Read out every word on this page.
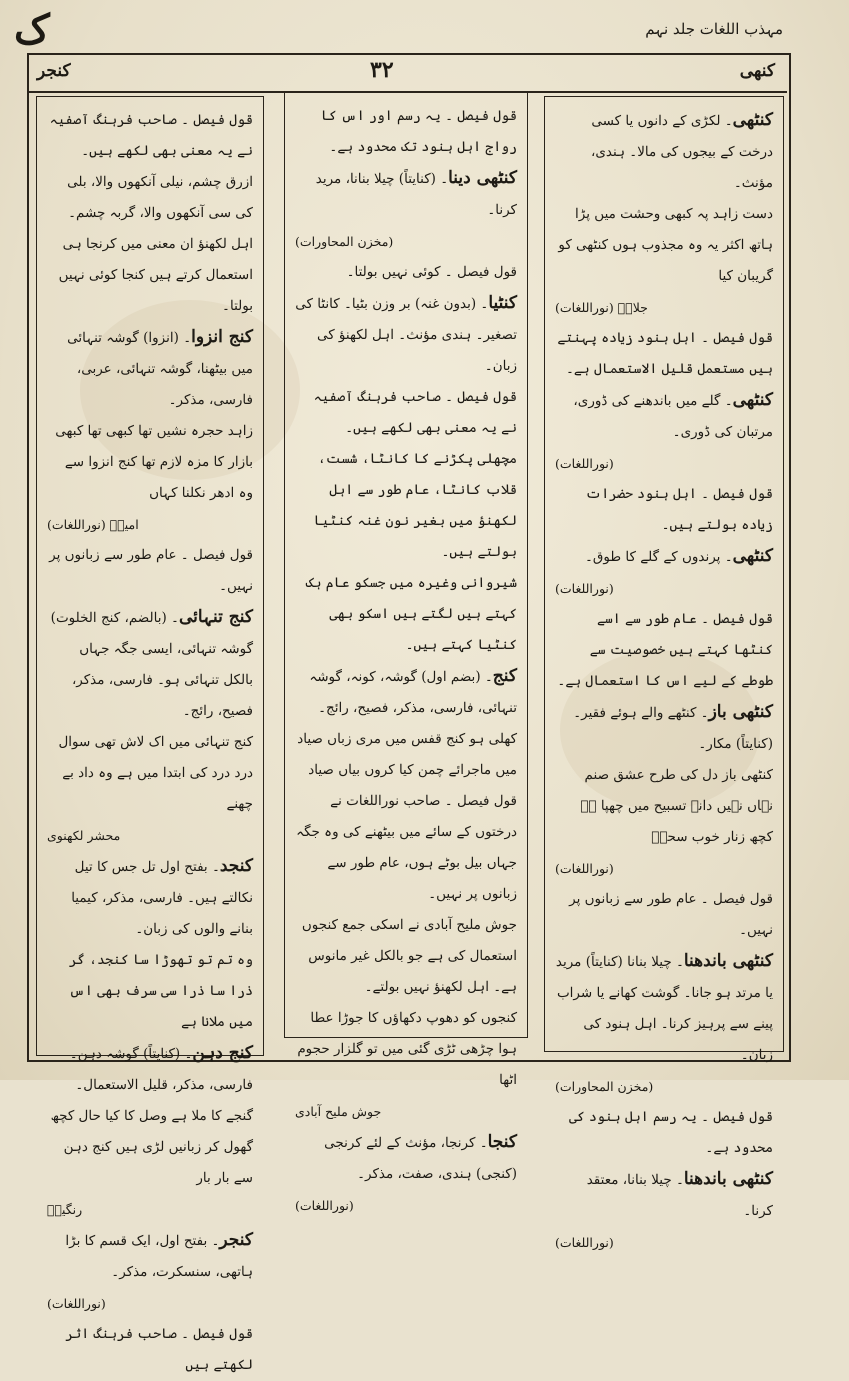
ک	مہذب اللغات جلد نہم
کنجر	۳۲	کنھی

کنٹھی۔ لکڑی کے دانوں یا کسی درخت کے بیجوں کی مالا۔ ہندی، مؤنث۔

دست زاہد پہ کبھی وحشت میں پڑا ہاتھ اکثر یہ وہ مجذوب ہوں کنٹھی کو گریبان کیا
جلالؔ (نوراللغات)

قول فیصل ۔ اہل ہنود زیادہ پہنتے ہیں مستعمل قلیل الاستعمال ہے۔

کنٹھی۔ گلے میں باندھنے کی ڈوری، مرتبان کی ڈوری۔
(نوراللغات)

قول فیصل ۔ اہل ہنود حضرات زیادہ بولتے ہیں۔

کنٹھی۔ پرندوں کے گلے کا طوق۔
(نوراللغات)

قول فیصل ۔ عام طور سے اسے کنٹھا کہتے ہیں خصوصیت سے طوطے کے لیے اس کا استعمال ہے۔

کنٹھی باز۔ کنٹھے والے ہوئے فقیر۔ (کنایتاً) مکار۔

کنٹھی باز دل کی طرح عشق صنم نہاں نہیں دانہ تسبیح میں چھپا ہے کچھ زنار خوب سحرؔ
(نوراللغات)

قول فیصل ۔ عام طور سے زبانوں پر نہیں۔

کنٹھی باندھنا۔ چیلا بنانا (کنایتاً) مرید یا مرتد ہو جانا۔ گوشت کھانے یا شراب پینے سے پرہیز کرنا۔ اہل ہنود کی زبان۔
(مخزن المحاورات)

قول فیصل ۔ یہ رسم اہل ہنود کی محدود ہے۔

کنٹھی باندھنا۔ چیلا بنانا، معتقد کرنا۔
(نوراللغات)

قول فیصل ۔ یہ رسم اور اس کا رواج اہل ہنود تک محدود ہے۔

کنٹھی دینا۔ (کنایتاً) چیلا بنانا، مرید کرنا۔
(مخزن المحاورات)

قول فیصل ۔ کوئی نہیں بولتا۔

کنٹیا۔ (بدون غنہ) بر وزن بٹیا۔ کانٹا کی تصغیر۔ ہندی مؤنث۔ اہل لکھنؤ کی زبان۔

قول فیصل ۔ صاحب فرہنگ آصفیہ نے یہ معنی بھی لکھے ہیں۔

مچھلی پکڑنے کا کانٹا، شست، قلاب کانٹا، عام طور سے اہل لکھنؤ میں بغیر نون غنہ کنٹیا بولتے ہیں۔

شیروانی وغیرہ میں جسکو عام ہک کہتے ہیں لگتے ہیں اسکو بھی کنٹیا کہتے ہیں۔

کنج۔ (بضم اول) گوشہ، کونہ، گوشہ تنہائی، فارسی، مذکر، فصیح، رائج۔

کھلی ہو کنج قفس میں مری زباں صیاد میں ماجرائے چمن کیا کروں بیاں صیاد

قول فیصل ۔ صاحب نوراللغات نے درختوں کے سائے میں بیٹھنے کی وہ جگہ جہاں بیل بوٹے ہوں، عام طور سے زبانوں پر نہیں۔

جوش ملیح آبادی نے اسکی جمع کنجوں استعمال کی ہے جو بالکل غیر مانوس ہے۔ اہل لکھنؤ نہیں بولتے۔

کنجوں کو دھوپ دکھاؤں کا جوڑا عطا ہوا چڑھی ٹڑی گئی میں تو گلزار حجوم اٹھا
جوش ملیح آبادی

کنجا۔ کرنجا، مؤنث کے لئے کرنجی (کنجی) ہندی، صفت، مذکر۔
(نوراللغات)

قول فیصل ۔ صاحب فرہنگ آصفیہ نے یہ معنی بھی لکھے ہیں۔

ازرق چشم، نیلی آنکھوں والا، بلی کی سی آنکھوں والا، گربہ چشم۔

اہل لکھنؤ ان معنی میں کرنجا ہی استعمال کرتے ہیں کنجا کوئی نہیں بولتا۔

کنج انزوا۔ (انزوا) گوشہ تنہائی میں بیٹھنا، گوشہ تنہائی، عربی، فارسی، مذکر۔

زاہد حجرہ نشیں تھا کبھی تھا کبھی بازار کا مزہ لازم تھا کنج انزوا سے وہ ادھر نکلنا کہاں
امیرؔ (نوراللغات)

قول فیصل ۔ عام طور سے زبانوں پر نہیں۔

کنج تنہائی۔ (بالضم، کنج الخلوت) گوشہ تنہائی، ایسی جگہ جہاں بالکل تنہائی ہو۔ فارسی، مذکر، فصیح، رائج۔

کنج تنہائی میں اک لاش تھی سوال درد درد کی ابتدا میں ہے وہ داد بے چھنے
محشر لکھنوی

کنجد۔ بفتح اول تل جس کا تیل نکالتے ہیں۔ فارسی، مذکر، کیمیا بنانے والوں کی زبان۔

وہ تم تو تھوڑا سا کنجد، گر ذرا سا ذرا سی سرف بھی اس میں ملانا ہے

کنج دہن۔ (کنایتاً) گوشہ دہن۔ فارسی، مذکر، قلیل الاستعمال۔

گنجے کا ملا ہے وصل کا کیا حال کچھ گھول کر زبانیں لڑی ہیں کنج دہن سے بار بار
رنگینؔ

کنجر۔ بفتح اول، ایک قسم کا بڑا ہاتھی، سنسکرت، مذکر۔
(نوراللغات)

قول فیصل ۔ صاحب فرہنگ اثر لکھتے ہیں
